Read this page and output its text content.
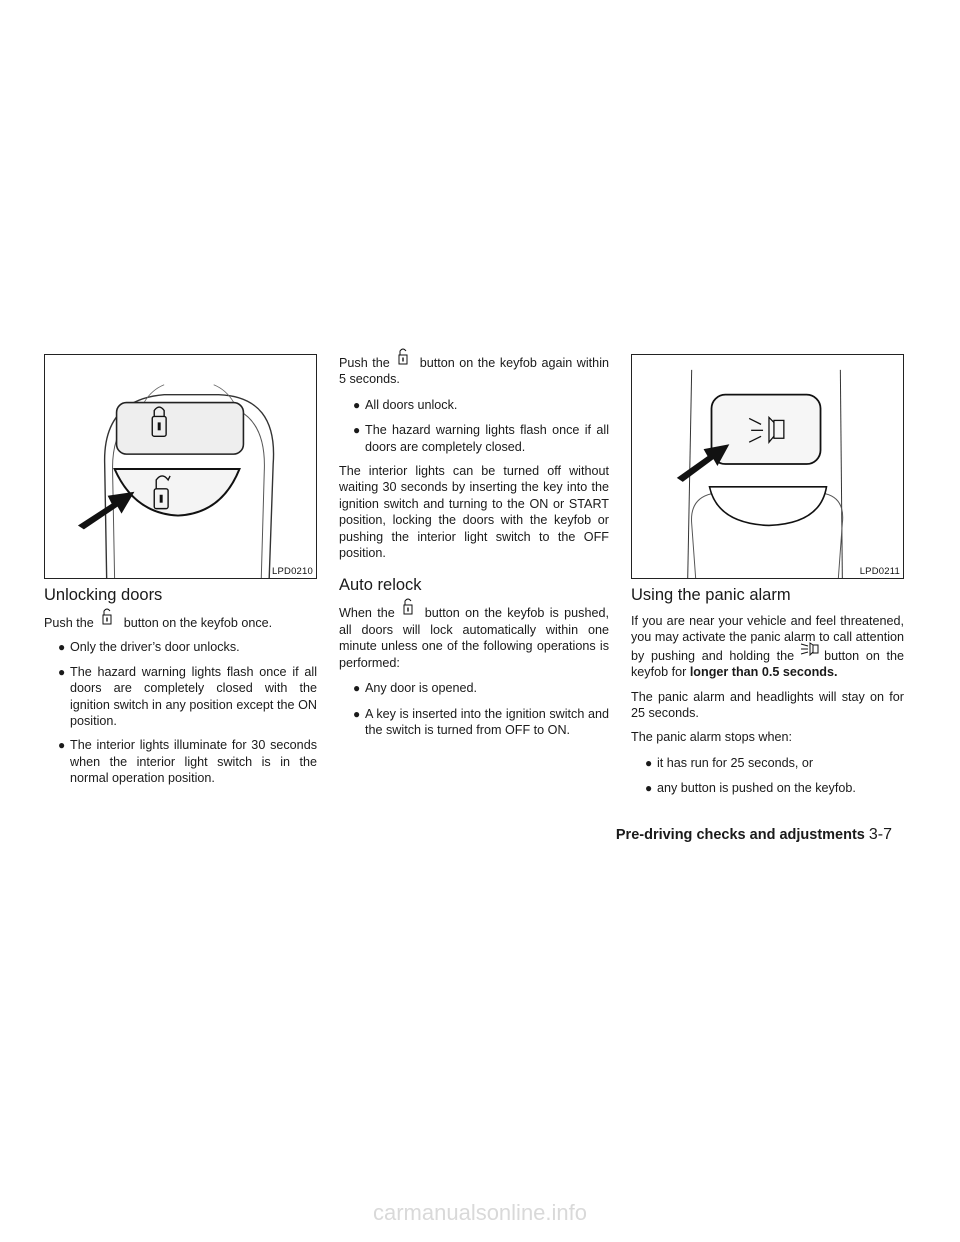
LPD0210	LPD0211
Unlocking doors

Push the button on the keyfob once.

● Only the driver’s door unlocks.
● The hazard warning lights flash once if all doors are completely closed with the ignition switch in any position except the ON position.
● The interior lights illuminate for 30 seconds when the interior light switch is in the normal operation position.

Push the button on the keyfob again within 5 seconds.

● All doors unlock.
● The hazard warning lights flash once if all doors are completely closed.

The interior lights can be turned off without waiting 30 seconds by inserting the key into the ignition switch and turning to the ON or START position, locking the doors with the keyfob or pushing the interior light switch to the OFF position.

Auto relock

When the button on the keyfob is pushed, all doors will lock automatically within one minute unless one of the following operations is performed:

● Any door is opened.
● A key is inserted into the ignition switch and the switch is turned from OFF to ON.
Using the panic alarm

If you are near your vehicle and feel threatened, you may activate the panic alarm to call attention by pushing and holding the button on the keyfob for longer than 0.5 seconds.

The panic alarm and headlights will stay on for 25 seconds.

The panic alarm stops when:

● it has run for 25 seconds, or
● any button is pushed on the keyfob.
Pre-driving checks and adjustments 3-7
carmanualsonline.info
